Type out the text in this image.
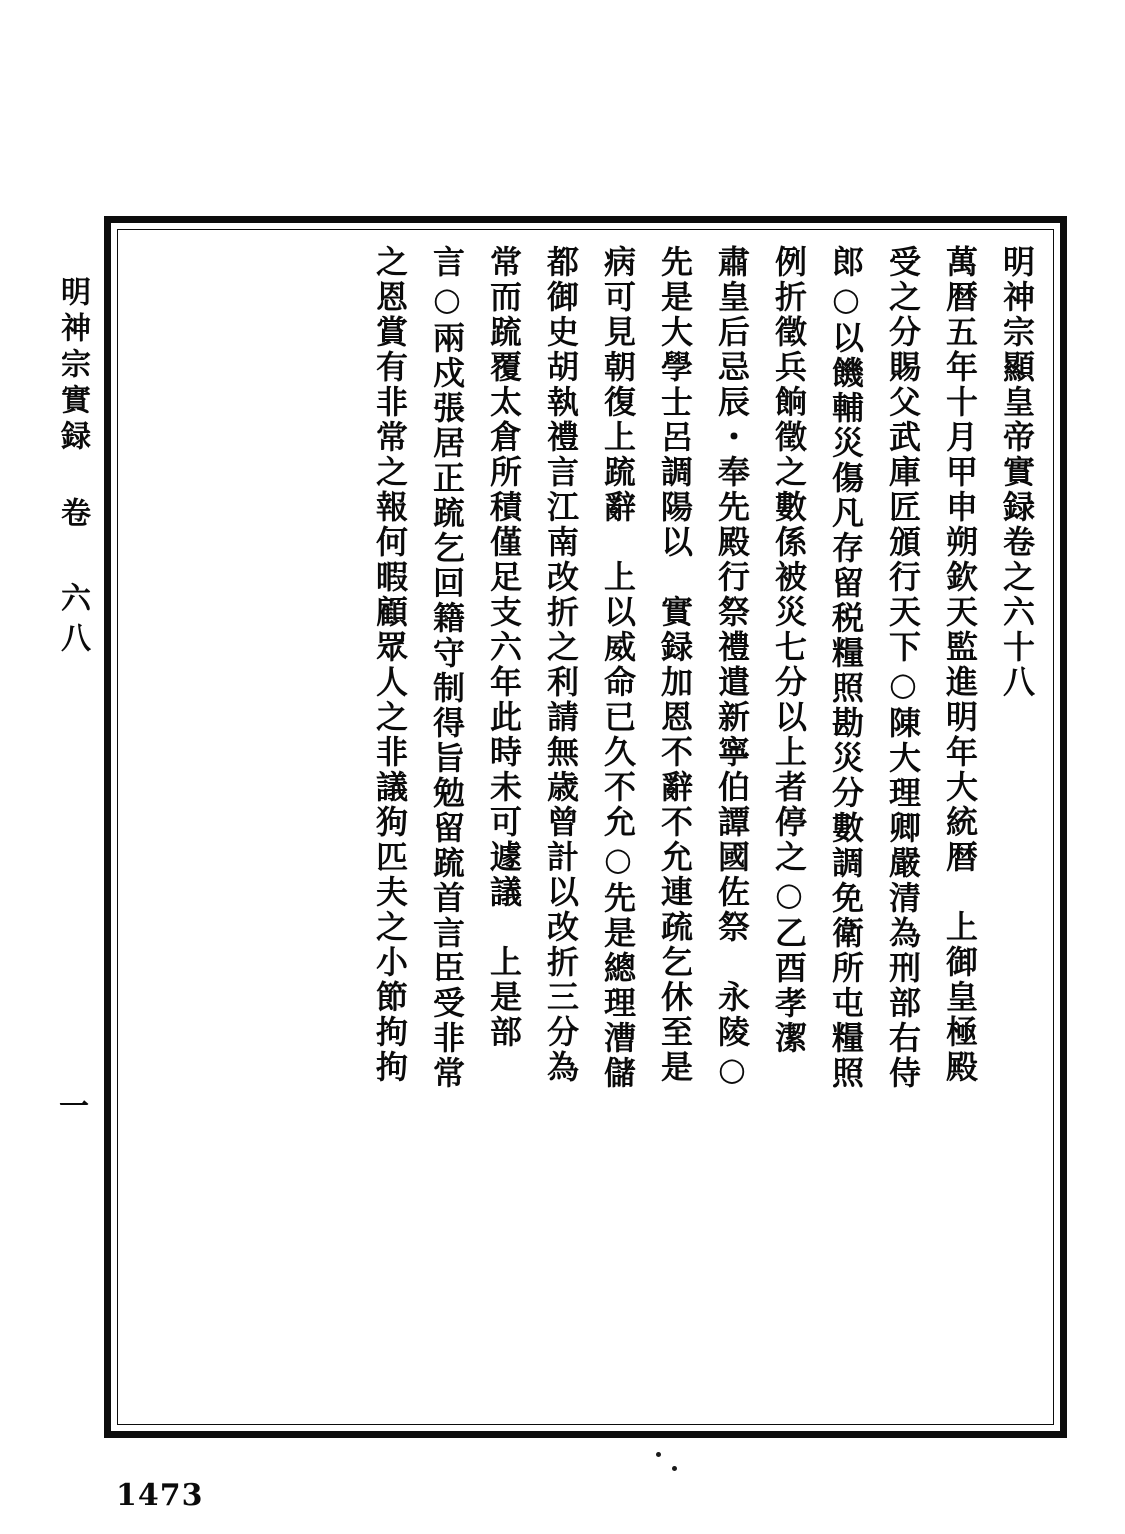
明神宗實録 卷 六八
一
明神宗顯皇帝實録卷之六十八
萬暦五年十月甲申朔欽天監進明年大統暦　上御皇極殿
受之分賜父武庫匠頒行天下○陳大理卿嚴清為刑部右侍
郎○以饑輔災傷凡存留税糧照勘災分數調免衛所屯糧照
例折徵兵餉徵之數係被災七分以上者停之○乙酉孝潔
肅皇后忌辰・奉先殿行祭禮遣新寧伯譚國佐祭　永陵○
先是大學士呂調陽以　實録加恩不辭不允連疏乞休至是
病可見朝復上䟽辭　上以威命已久不允○先是總理漕儲
都御史胡執禮言江南改折之利請無歳曾計以改折三分為
常而䟽覆太倉所積僅足支六年此時未可遽議　上是部
言○兩戍張居正䟽乞回籍守制得旨勉留䟽首言臣受非常
之恩賞有非常之報何暇顧眾人之非議狗匹夫之小節拘拘
1473
